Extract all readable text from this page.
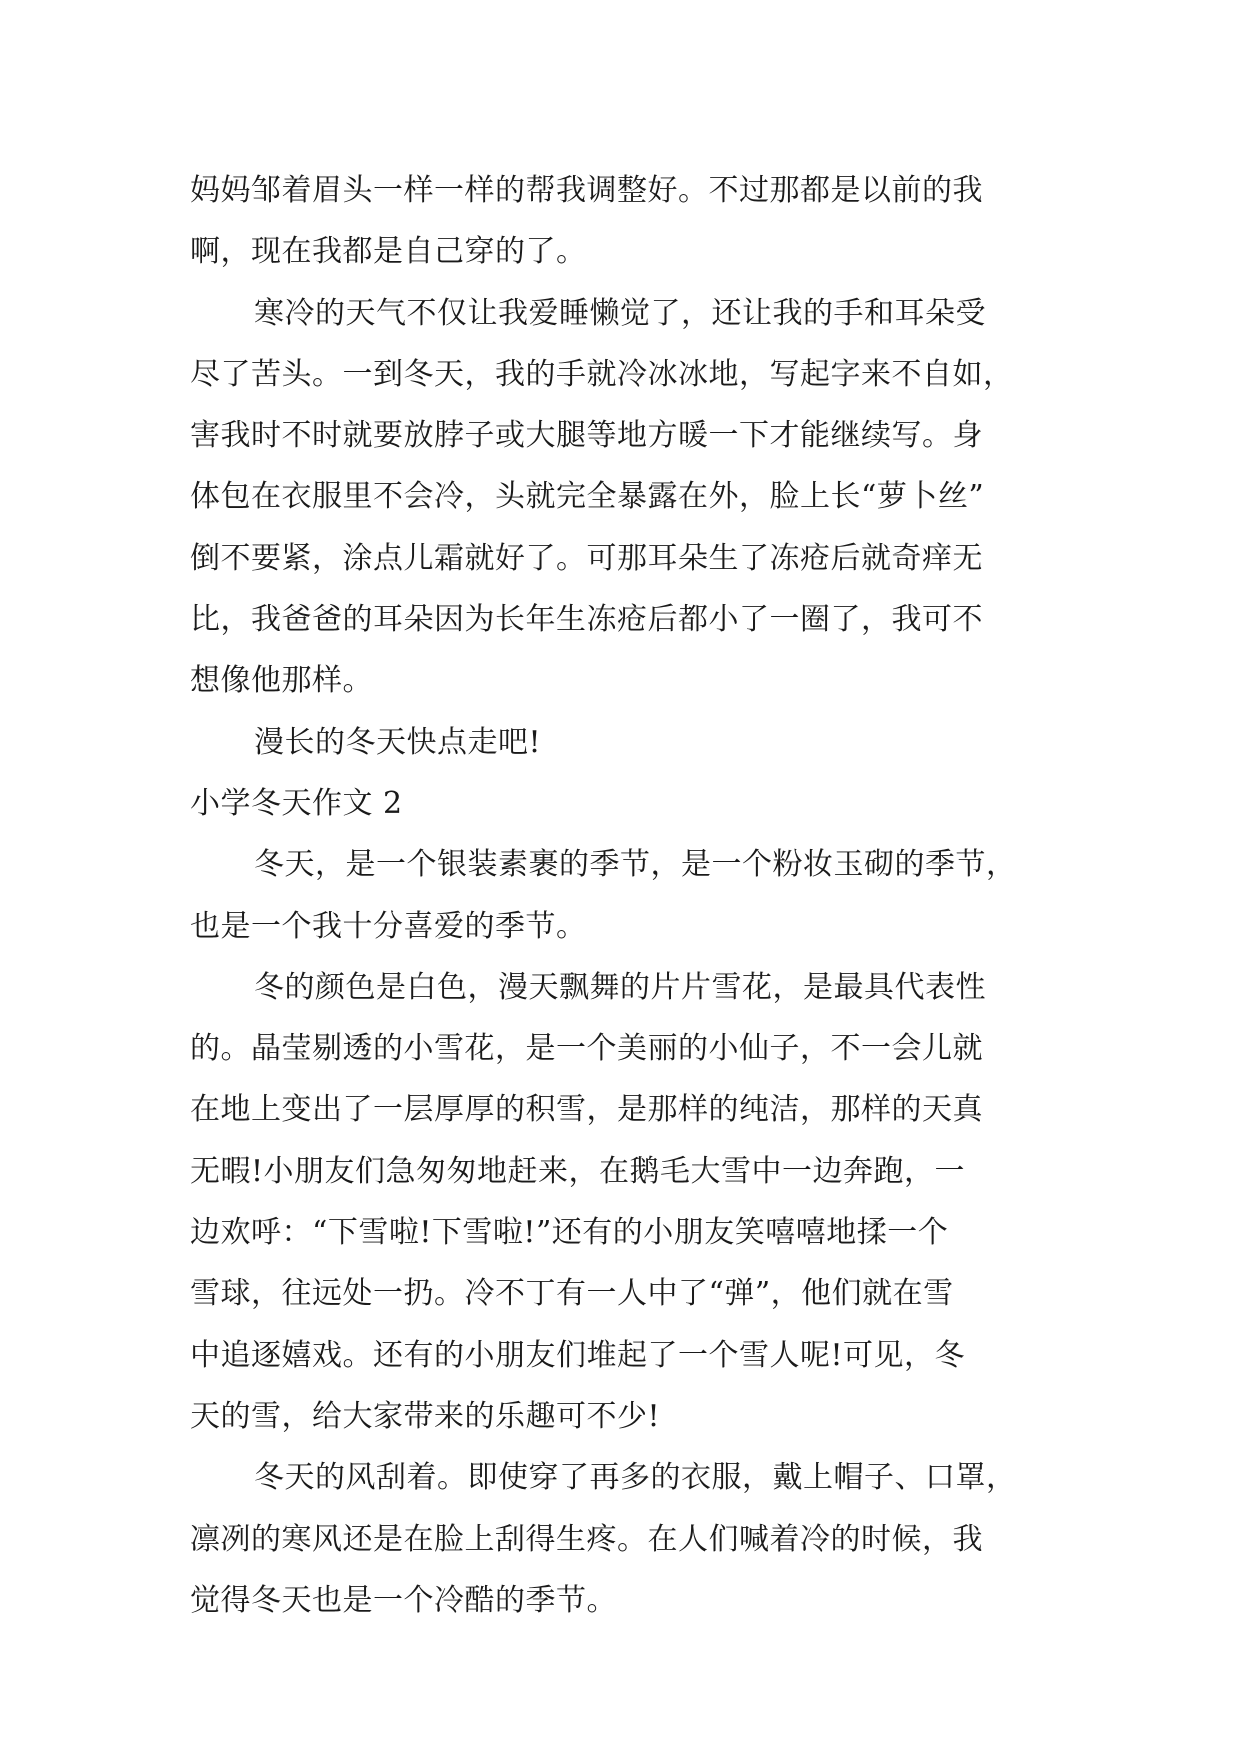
妈妈邹着眉头一样一样的帮我调整好。不过那都是以前的我
啊，现在我都是自己穿的了。
寒冷的天气不仅让我爱睡懒觉了，还让我的手和耳朵受
尽了苦头。一到冬天，我的手就冷冰冰地，写起字来不自如，
害我时不时就要放脖子或大腿等地方暖一下才能继续写。身
体包在衣服里不会冷，头就完全暴露在外，脸上长“萝卜丝”
倒不要紧，涂点儿霜就好了。可那耳朵生了冻疮后就奇痒无
比，我爸爸的耳朵因为长年生冻疮后都小了一圈了，我可不
想像他那样。
漫长的冬天快点走吧!
小学冬天作文 2
冬天，是一个银装素裹的季节，是一个粉妆玉砌的季节，
也是一个我十分喜爱的季节。
冬的颜色是白色，漫天飘舞的片片雪花，是最具代表性
的。晶莹剔透的小雪花，是一个美丽的小仙子，不一会儿就
在地上变出了一层厚厚的积雪，是那样的纯洁，那样的天真
无暇!小朋友们急匆匆地赶来，在鹅毛大雪中一边奔跑，一
边欢呼：“下雪啦!下雪啦!”还有的小朋友笑嘻嘻地揉一个
雪球，往远处一扔。冷不丁有一人中了“弹”，他们就在雪
中追逐嬉戏。还有的小朋友们堆起了一个雪人呢!可见，冬
天的雪，给大家带来的乐趣可不少!
冬天的风刮着。即使穿了再多的衣服，戴上帽子、口罩，
凛冽的寒风还是在脸上刮得生疼。在人们喊着冷的时候，我
觉得冬天也是一个冷酷的季节。
